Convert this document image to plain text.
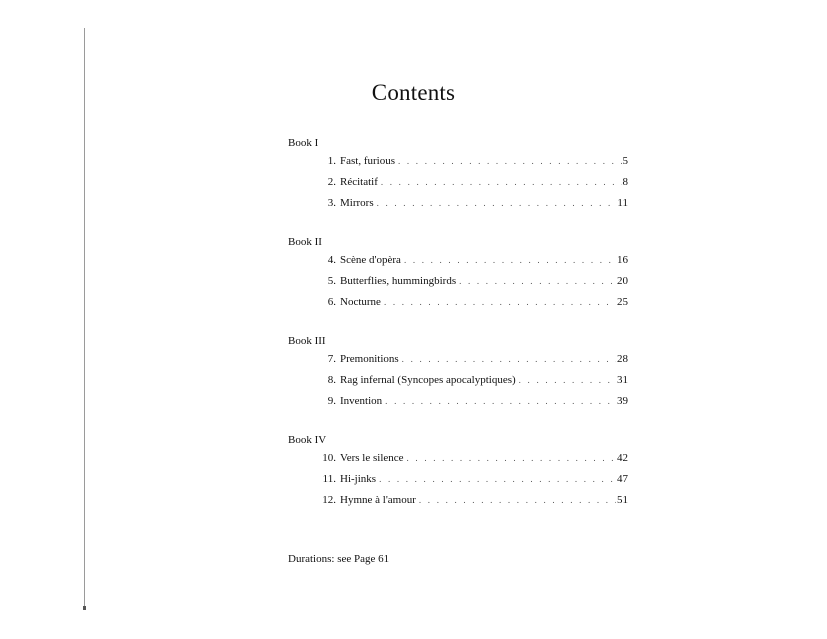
Contents
Book I
1. Fast, furious . . .	5
2. Récitatif . . .	8
3. Mirrors . . .	11
Book II
4. Scène d'opèra . . .	16
5. Butterflies, hummingbirds . . .	20
6. Nocturne . . .	25
Book III
7. Premonitions . . .	28
8. Rag infernal (Syncopes apocalyptiques) . . .	31
9. Invention . . .	39
Book IV
10. Vers le silence . . .	42
11. Hi-jinks . . .	47
12. Hymne à l'amour . . .	51
Durations: see Page 61
